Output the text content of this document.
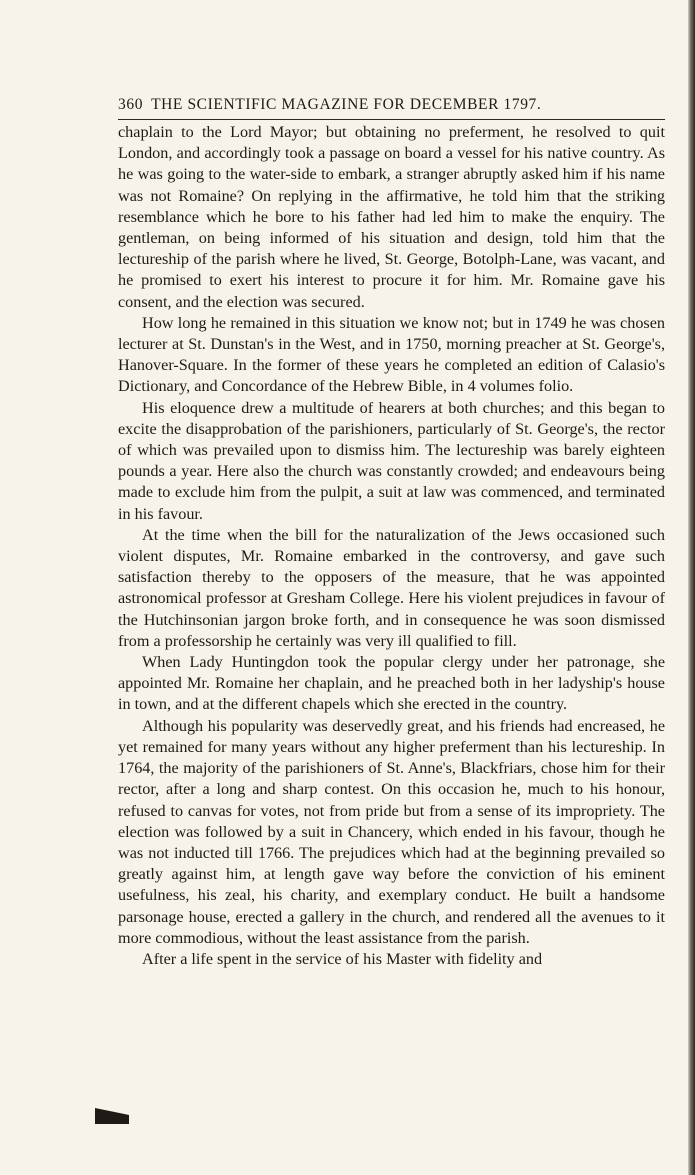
360 THE SCIENTIFIC MAGAZINE FOR DECEMBER 1797.

chaplain to the Lord Mayor; but obtaining no preferment, he resolved to quit London, and accordingly took a passage on board a vessel for his native country. As he was going to the water-side to embark, a stranger abruptly asked him if his name was not Romaine? On replying in the affirmative, he told him that the striking resemblance which he bore to his father had led him to make the enquiry. The gentleman, on being informed of his situation and design, told him that the lectureship of the parish where he lived, St. George, Botolph-Lane, was vacant, and he promised to exert his interest to procure it for him. Mr. Romaine gave his consent, and the election was secured.

How long he remained in this situation we know not; but in 1749 he was chosen lecturer at St. Dunstan's in the West, and in 1750, morning preacher at St. George's, Hanover-Square. In the former of these years he completed an edition of Calasio's Dictionary, and Concordance of the Hebrew Bible, in 4 volumes folio.

His eloquence drew a multitude of hearers at both churches; and this began to excite the disapprobation of the parishioners, particularly of St. George's, the rector of which was prevailed upon to dismiss him. The lectureship was barely eighteen pounds a year. Here also the church was constantly crowded; and endeavours being made to exclude him from the pulpit, a suit at law was commenced, and terminated in his favour.

At the time when the bill for the naturalization of the Jews occasioned such violent disputes, Mr. Romaine embarked in the controversy, and gave such satisfaction thereby to the opposers of the measure, that he was appointed astronomical professor at Gresham College. Here his violent prejudices in favour of the Hutchinsonian jargon broke forth, and in consequence he was soon dismissed from a professorship he certainly was very ill qualified to fill.

When Lady Huntingdon took the popular clergy under her patronage, she appointed Mr. Romaine her chaplain, and he preached both in her ladyship's house in town, and at the different chapels which she erected in the country.

Although his popularity was deservedly great, and his friends had encreased, he yet remained for many years without any higher preferment than his lectureship. In 1764, the majority of the parishioners of St. Anne's, Blackfriars, chose him for their rector, after a long and sharp contest. On this occasion he, much to his honour, refused to canvas for votes, not from pride but from a sense of its impropriety. The election was followed by a suit in Chancery, which ended in his favour, though he was not inducted till 1766. The prejudices which had at the beginning prevailed so greatly against him, at length gave way before the conviction of his eminent usefulness, his zeal, his charity, and exemplary conduct. He built a handsome parsonage house, erected a gallery in the church, and rendered all the avenues to it more commodious, without the least assistance from the parish.

After a life spent in the service of his Master with fidelity and
